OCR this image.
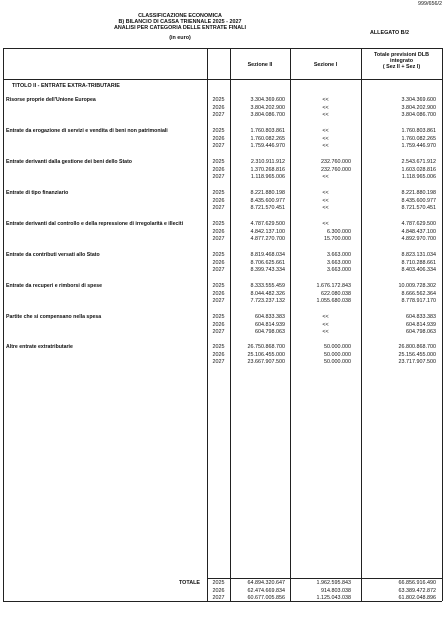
999/656/2
CLASSIFICAZIONE ECONOMICA
B) BILANCIO DI CASSA TRIENNALE 2025 - 2027
ANALISI PER CATEGORIA DELLE ENTRATE FINALI
(in euro)
ALLEGATO B/2
Sezione II	Sezione I
Totale previsioni DLB
integrato
( Sez II + Sez I)
TITOLO II - ENTRATE EXTRA-TRIBUTARIE
Risorse proprie dell'Unione Europea	2025	3.304.369.600	<<	3.304.369.600
2026	3.804.202.900	<<	3.804.202.900
2027	3.804.086.700	<<	3.804.086.700
Entrate da erogazione di servizi e vendita di beni non patrimoniali	2025	1.760.803.861	<<	1.760.803.861
2026	1.760.082.265	<<	1.760.082.265
2027	1.759.446.970	<<	1.759.446.970
Entrate derivanti dalla gestione dei beni dello Stato	2025	2.310.911.912	232.760.000	2.543.671.912
2026	1.370.268.816	232.760.000	1.603.028.816
2027	1.118.965.006	<<	1.118.965.006
Entrate di tipo finanziario	2025	8.221.880.198	<<	8.221.880.198
2026	8.435.600.977	<<	8.435.600.977
2027	8.721.570.451	<<	8.721.570.451
Entrate derivanti dal controllo e della repressione di irregolarità e illeciti	2025	4.787.629.500	<<	4.787.629.500
2026	4.842.137.100	6.300.000	4.848.437.100
2027	4.877.270.700	15.700.000	4.892.970.700
Entrate da contributi versati allo Stato	2025	8.819.468.034	3.663.000	8.823.131.034
2026	8.706.625.661	3.663.000	8.710.288.661
2027	8.399.743.334	3.663.000	8.403.406.334
Entrate da recuperi e rimborsi di spese	2025	8.333.555.459	1.676.172.843	10.009.728.302
2026	8.044.482.326	622.080.038	8.666.562.364
2027	7.723.237.132	1.055.680.038	8.778.917.170
Partite che si compensano nella spesa	2025	604.833.383	<<	604.833.383
2026	604.814.939	<<	604.814.939
2027	604.798.063	<<	604.798.063
Altre entrate extratributarie	2025	26.750.868.700	50.000.000	26.800.868.700
2026	25.106.455.000	50.000.000	25.156.455.000
2027	23.667.907.500	50.000.000	23.717.907.500
TOTALE	2025	64.894.320.647	1.962.595.843	66.856.916.490
2026	62.474.669.834	914.803.038	63.389.472.872
2027	60.677.005.856	1.125.043.038	61.802.048.896
